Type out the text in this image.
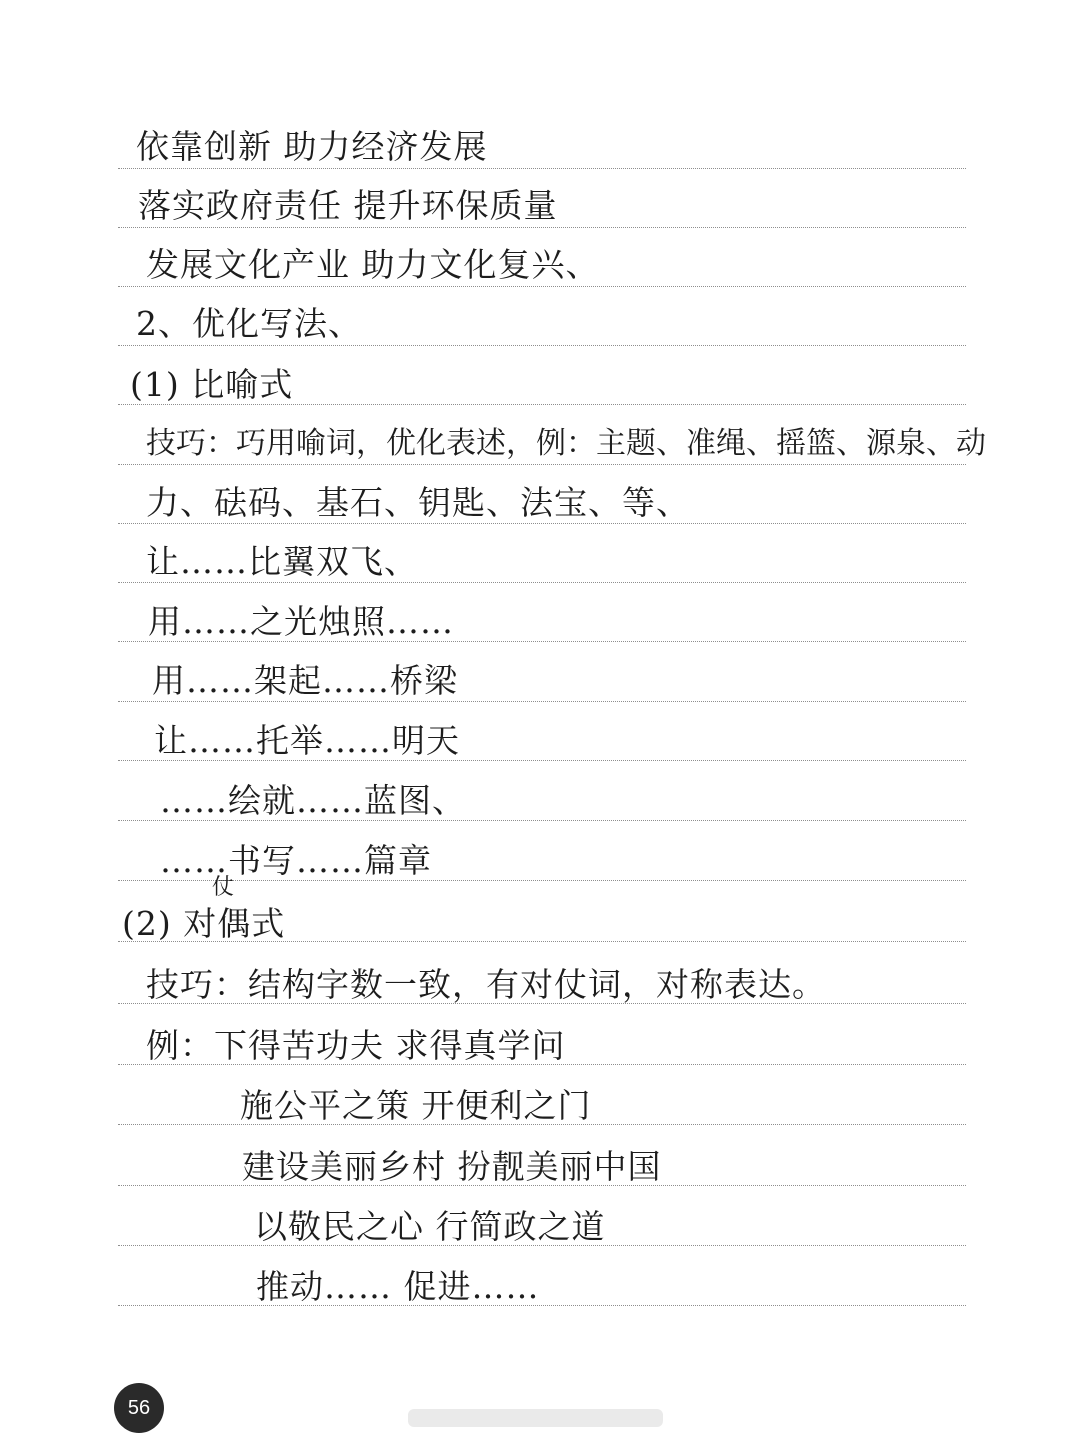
依靠创新 助力经济发展
落实政府责任 提升环保质量
发展文化产业 助力文化复兴、
2、优化写法、
(1) 比喻式
技巧：巧用喻词，优化表述，例：主题、准绳、摇篮、源泉、动
力、砝码、基石、钥匙、法宝、等、
让……比翼双飞、
用……之光烛照……
用……架起……桥梁
让……托举……明天
……绘就……蓝图、
……书写……篇章
仗
(2) 对偶式
技巧：结构字数一致，有对仗词，对称表达。
例：下得苦功夫 求得真学问
施公平之策 开便利之门
建设美丽乡村 扮靓美丽中国
以敬民之心 行简政之道
推动…… 促进……
56
